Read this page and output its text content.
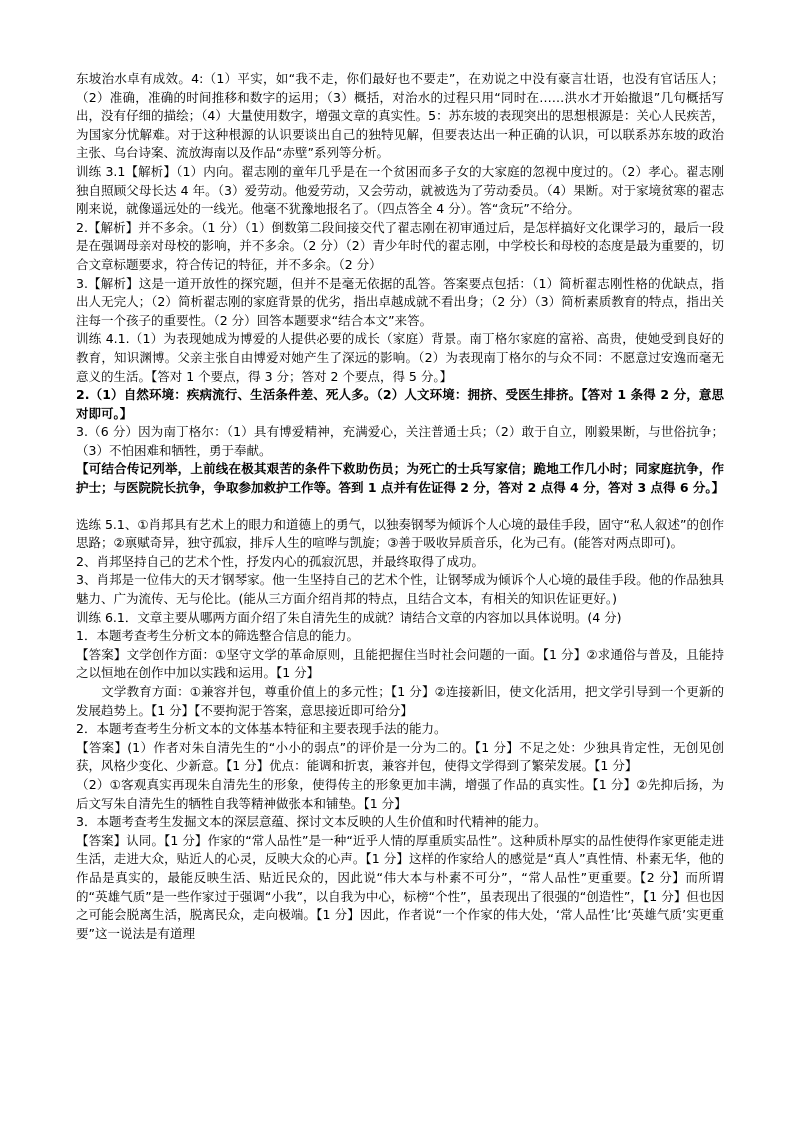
东坡治水卓有成效。4:（1）平实，如“我不走，你们最好也不要走”，在劝说之中没有豪言壮语，也没有官话压人；（2）准确，准确的时间推移和数字的运用；（3）概括，对治水的过程只用“同时在……洪水才开始撤退”几句概括写出，没有仔细的描绘；（4）大量使用数字，增强文章的真实性。5：苏东坡的表现突出的思想根源是：关心人民疾苦，为国家分忧解难。对于这种根源的认识要谈出自己的独特见解，但要表达出一种正确的认识，可以联系苏东坡的政治主张、乌台诗案、流放海南以及作品“赤壁”系列等分析。

训练 3.1【解析】（1）内向。翟志刚的童年几乎是在一个贫困而多子女的大家庭的忽视中度过的。（2）孝心。翟志刚独自照顾父母长达 4 年。（3）爱劳动。他爱劳动，又会劳动，就被选为了劳动委员。（4）果断。对于家境贫寒的翟志刚来说，就像遥远处的一线光。他毫不犹豫地报名了。（四点答全 4 分）。答“贪玩”不给分。

2.【解析】并不多余。（1 分）（1）倒数第二段间接交代了翟志刚在初审通过后，是怎样搞好文化课学习的，最后一段是在强调母亲对母校的影响，并不多余。（2 分）（2）青少年时代的翟志刚，中学校长和母校的态度是最为重要的，切合文章标题要求，符合传记的特征，并不多余。（2 分）

3.【解析】这是一道开放性的探究题，但并不是毫无依据的乱答。答案要点包括：（1）简析翟志刚性格的优缺点，指出人无完人；（2）简析翟志刚的家庭背景的优劣，指出卓越成就不看出身；（2 分）（3）简析素质教育的特点，指出关注每一个孩子的重要性。（2 分）回答本题要求“结合本文”来答。

训练 4.1.（1）为表现她成为博爱的人提供必要的成长（家庭）背景。南丁格尔家庭的富裕、高贵，使她受到良好的教育，知识渊博。父亲主张自由博爱对她产生了深远的影响。（2）为表现南丁格尔的与众不同：不愿意过安逸而毫无意义的生活。【答对 1 个要点，得 3 分；答对 2 个要点，得 5 分。】

2.（1）自然环境：疾病流行、生活条件差、死人多。（2）人文环境：拥挤、受医生排挤。【答对 1 条得 2 分，意思对即可。】

3.（6 分）因为南丁格尔：（1）具有博爱精神，充满爱心，关注普通士兵；（2）敢于自立，刚毅果断，与世俗抗争；（3）不怕困难和牺牲，勇于奉献。

【可结合传记列举，上前线在极其艰苦的条件下救助伤员；为死亡的士兵写家信；跪地工作几小时；同家庭抗争，作护士；与医院院长抗争，争取参加救护工作等。答到 1 点并有佐证得 2 分，答对 2 点得 4 分，答对 3 点得 6 分。】

选练 5.1、①肖邦具有艺术上的眼力和道德上的勇气，以独奏钢琴为倾诉个人心境的最佳手段，固守“私人叙述”的创作思路；②禀赋奇异，独守孤寂，排斥人生的喧哗与凯旋；③善于吸收异质音乐，化为己有。(能答对两点即可)。

2、肖邦坚持自己的艺术个性，抒发内心的孤寂沉思，并最终取得了成功。

3、肖邦是一位伟大的天才钢琴家。他一生坚持自己的艺术个性，让钢琴成为倾诉个人心境的最佳手段。他的作品独具魅力、广为流传、无与伦比。(能从三方面介绍肖邦的特点，且结合文本，有相关的知识佐证更好。)

训练 6.1．文章主要从哪两方面介绍了朱自清先生的成就？请结合文章的内容加以具体说明。(4 分)

1．本题考查考生分析文本的筛选整合信息的能力。

【答案】文学创作方面：①坚守文学的革命原则，且能把握住当时社会问题的一面。【1 分】②求通俗与普及，且能持之以恒地在创作中加以实践和运用。【1 分】

　　文学教育方面：①兼容并包，尊重价值上的多元性；【1 分】②连接新旧，使文化活用，把文学引导到一个更新的发展趋势上。【1 分】【不要拘泥于答案，意思接近即可给分】

2．本题考查考生分析文本的文体基本特征和主要表现手法的能力。

【答案】(1）作者对朱自清先生的“小小的弱点”的评价是一分为二的。【1 分】不足之处：少独具肯定性，无创见创获，风格少变化、少新意。【1 分】优点：能调和折衷，兼容并包，使得文学得到了繁荣发展。【1 分】

（2）①客观真实再现朱自清先生的形象，使得传主的形象更加丰满，增强了作品的真实性。【1 分】②先抑后扬，为后文写朱自清先生的牺牲自我等精神做张本和铺垫。【1 分】

3．本题考查考生发掘文本的深层意蕴、探讨文本反映的人生价值和时代精神的能力。

【答案】认同。【1 分】作家的“常人品性”是一种“近乎人情的厚重质实品性”。这种质朴厚实的品性使得作家更能走进生活，走进大众，贴近人的心灵，反映大众的心声。【1 分】这样的作家给人的感觉是“真人”真性情、朴素无华，他的作品是真实的，最能反映生活、贴近民众的，因此说“伟大本与朴素不可分”，“常人品性”更重要。【2 分】而所谓的“英雄气质”是一些作家过于强调“小我”，以自我为中心，标榜“个性”，虽表现出了很强的“创造性”，【1 分】但也因之可能会脱离生活，脱离民众，走向极端。【1 分】因此，作者说“一个作家的伟大处，‘常人品性’比‘英雄气质’实更重要”这一说法是有道理
